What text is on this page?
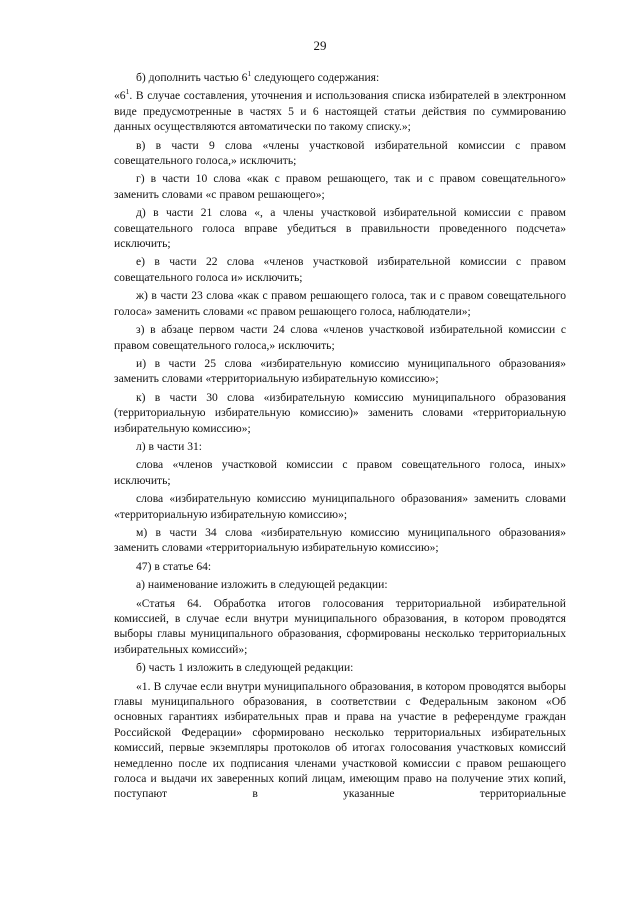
29

б) дополнить частью $6^1$ следующего содержания:

«$6^1$. В случае составления, уточнения и использования списка избирателей в электронном виде предусмотренные в частях 5 и 6 настоящей статьи действия по суммированию данных осуществляются автоматически по такому списку.»;

в) в части 9 слова «члены участковой избирательной комиссии с правом совещательного голоса,» исключить;

г) в части 10 слова «как с правом решающего, так и с правом совещательного» заменить словами «с правом решающего»;

д) в части 21 слова «, а члены участковой избирательной комиссии с правом совещательного голоса вправе убедиться в правильности проведенного подсчета» исключить;

е) в части 22 слова «членов участковой избирательной комиссии с правом совещательного голоса и» исключить;

ж) в части 23 слова «как с правом решающего голоса, так и с правом совещательного голоса» заменить словами «с правом решающего голоса, наблюдатели»;

з) в абзаце первом части 24 слова «членов участковой избирательной комиссии с правом совещательного голоса,» исключить;

и) в части 25 слова «избирательную комиссию муниципального образования» заменить словами «территориальную избирательную комиссию»;

к) в части 30 слова «избирательную комиссию муниципального образования (территориальную избирательную комиссию)» заменить словами «территориальную избирательную комиссию»;

л) в части 31:

слова «членов участковой комиссии с правом совещательного голоса, иных» исключить;

слова «избирательную комиссию муниципального образования» заменить словами «территориальную избирательную комиссию»;

м) в части 34 слова «избирательную комиссию муниципального образования» заменить словами «территориальную избирательную комиссию»;

47) в статье 64:

а) наименование изложить в следующей редакции:

«Статья 64. Обработка итогов голосования территориальной избирательной комиссией, в случае если внутри муниципального образования, в котором проводятся выборы главы муниципального образования, сформированы несколько территориальных избирательных комиссий»;

б) часть 1 изложить в следующей редакции:

«1. В случае если внутри муниципального образования, в котором проводятся выборы главы муниципального образования, в соответствии с Федеральным законом «Об основных гарантиях избирательных прав и права на участие в референдуме граждан Российской Федерации» сформировано несколько территориальных избирательных комиссий, первые экземпляры протоколов об итогах голосования участковых комиссий немедленно после их подписания членами участковой комиссии с правом решающего голоса и выдачи их заверенных копий лицам, имеющим право на получение этих копий, поступают в указанные территориальные
